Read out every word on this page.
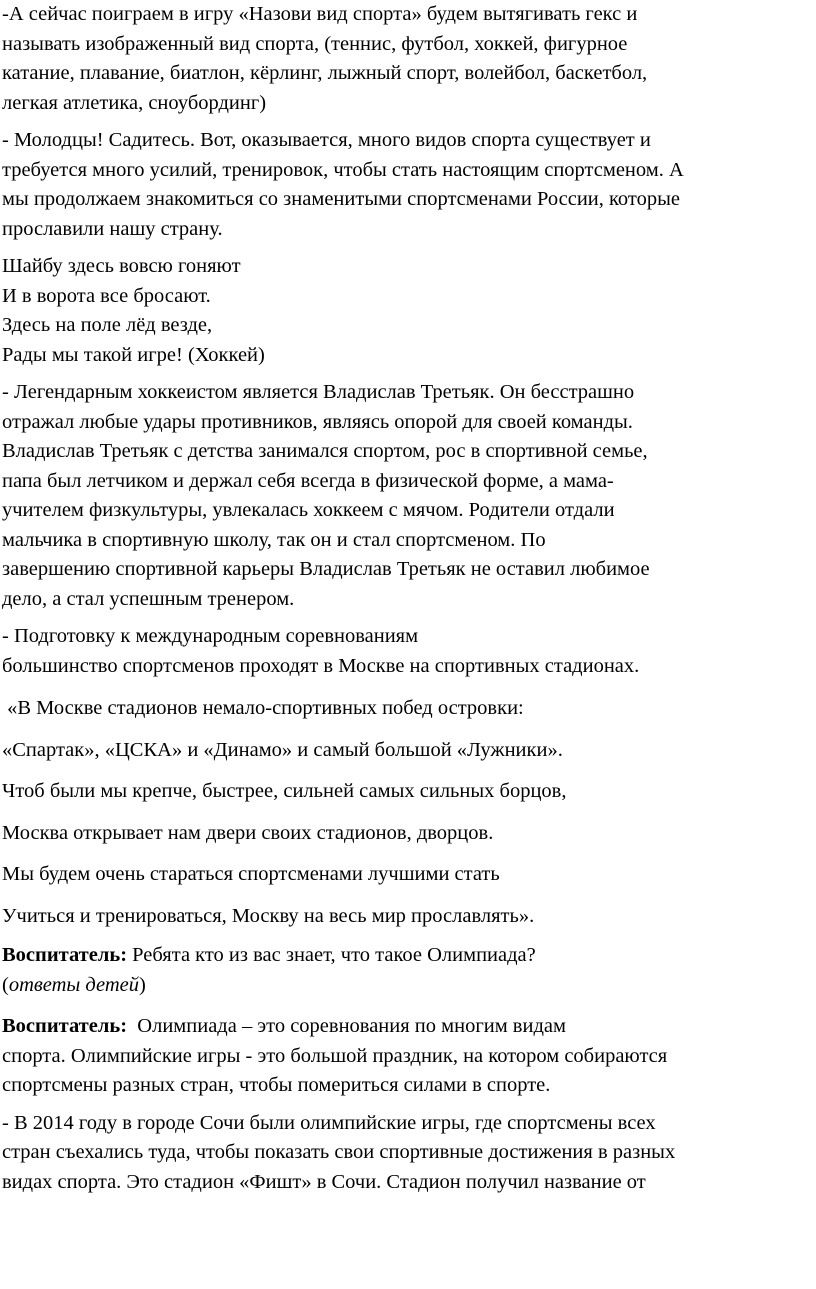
-А сейчас поиграем в игру «Назови вид спорта» будем вытягивать гекс и
называть изображенный вид спорта, (теннис, футбол, хоккей, фигурное
катание, плавание, биатлон, кёрлинг, лыжный спорт, волейбол, баскетбол,
легкая атлетика, сноубординг)
- Молодцы! Садитесь. Вот, оказывается, много видов спорта существует и
требуется много усилий, тренировок, чтобы стать настоящим спортсменом. А
мы продолжаем знакомиться со знаменитыми спортсменами России, которые
прославили нашу страну.
Шайбу здесь вовсю гоняют
И в ворота все бросают.
Здесь на поле лёд везде,
Рады мы такой игре! (Хоккей)
- Легендарным хоккеистом является Владислав Третьяк. Он бесстрашно
отражал любые удары противников, являясь опорой для своей команды.
Владислав Третьяк с детства занимался спортом, рос в спортивной семье,
папа был летчиком и держал себя всегда в физической форме, а мама-
учителем физкультуры, увлекалась хоккеем с мячом. Родители отдали
мальчика в спортивную школу, так он и стал спортсменом. По
завершению спортивной карьеры Владислав Третьяк не оставил любимое
дело, а стал успешным тренером.
- Подготовку к международным соревнованиям
большинство спортсменов проходят в Москве на спортивных стадионах.

«В Москве стадионов немало-спортивных побед островки:

«Спартак», «ЦСКА» и «Динамо» и самый большой «Лужники».

Чтоб были мы крепче, быстрее, сильней самых сильных борцов,

Москва открывает нам двери своих стадионов, дворцов.

Мы будем очень стараться спортсменами лучшими стать

Учиться и тренироваться, Москву на весь мир прославлять».

Воспитатель: Ребята кто из вас знает, что такое Олимпиада?
(ответы детей)
Воспитатель:  Олимпиада – это соревнования по многим видам
спорта. Олимпийские игры - это большой праздник, на котором собираются
спортсмены разных стран, чтобы помериться силами в спорте.
- В 2014 году в городе Сочи были олимпийские игры, где спортсмены всех
стран съехались туда, чтобы показать свои спортивные достижения в разных
видах спорта. Это стадион «Фишт» в Сочи. Стадион получил название от
